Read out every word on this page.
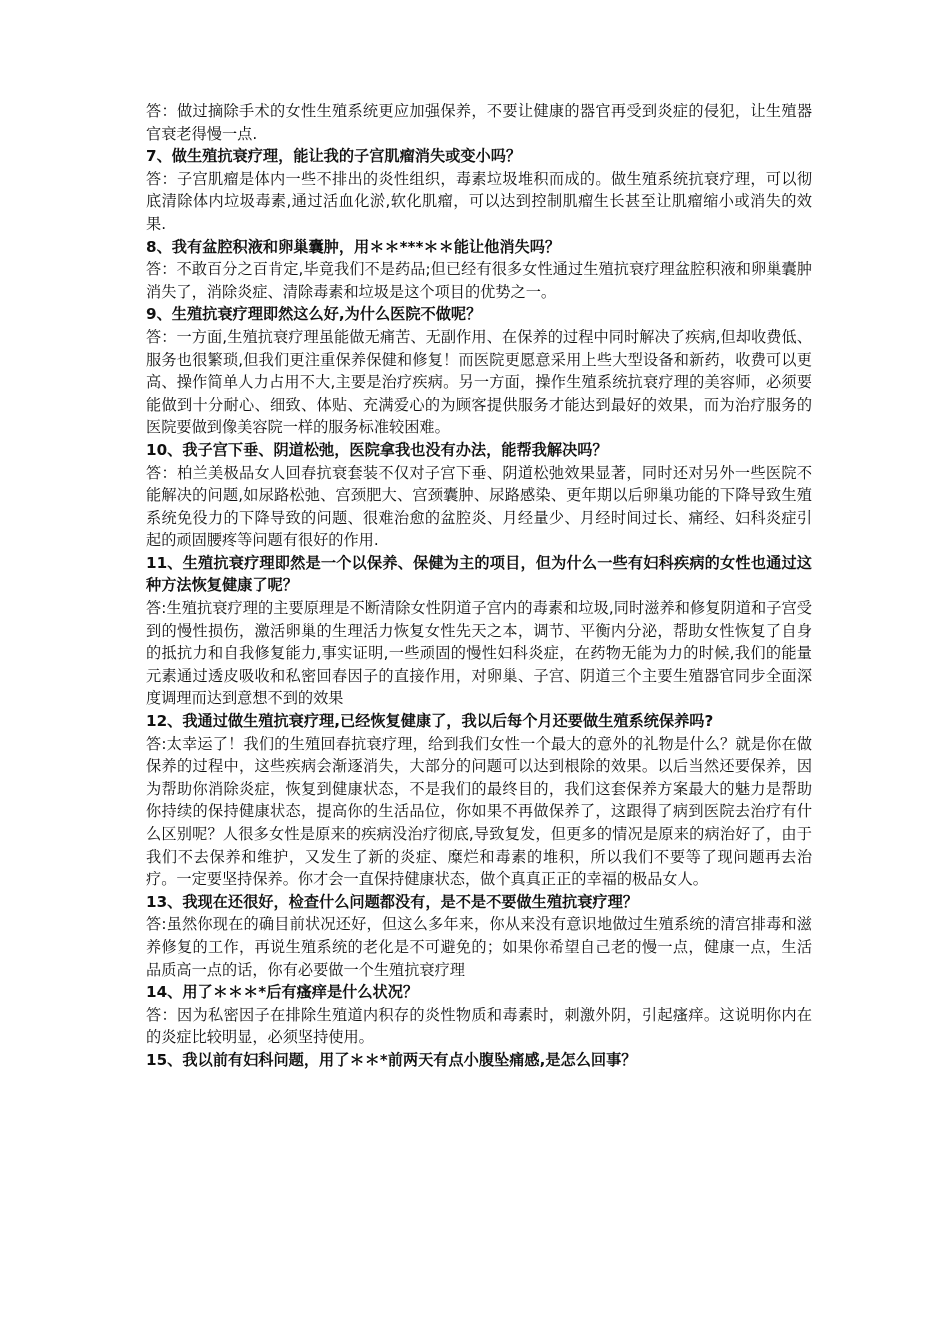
答：做过摘除手术的女性生殖系统更应加强保养，不要让健康的器官再受到炎症的侵犯，让生殖器官衰老得慢一点.

7、做生殖抗衰疗理，能让我的子宫肌瘤消失或变小吗？

答：子宫肌瘤是体内一些不排出的炎性组织，毒素垃圾堆积而成的。做生殖系统抗衰疗理，可以彻底清除体内垃圾毒素,通过活血化淤,软化肌瘤，可以达到控制肌瘤生长甚至让肌瘤缩小或消失的效果.

8、我有盆腔积液和卵巢囊肿，用＊＊***＊＊能让他消失吗？

答：不敢百分之百肯定,毕竟我们不是药品;但已经有很多女性通过生殖抗衰疗理盆腔积液和卵巢囊肿消失了，消除炎症、清除毒素和垃圾是这个项目的优势之一。

9、生殖抗衰疗理即然这么好,为什么医院不做呢？

答：一方面,生殖抗衰疗理虽能做无痛苦、无副作用、在保养的过程中同时解决了疾病,但却收费低、服务也很繁琐,但我们更注重保养保健和修复！而医院更愿意采用上些大型设备和新药，收费可以更高、操作简单人力占用不大,主要是治疗疾病。另一方面，操作生殖系统抗衰疗理的美容师，必须要能做到十分耐心、细致、体贴、充满爱心的为顾客提供服务才能达到最好的效果，而为治疗服务的医院要做到像美容院一样的服务标准较困难。

10、我子宫下垂、阴道松弛，医院拿我也没有办法，能帮我解决吗？

答：柏兰美极品女人回春抗衰套装不仅对子宫下垂、阴道松弛效果显著，同时还对另外一些医院不能解决的问题,如尿路松弛、宫颈肥大、宫颈囊肿、尿路感染、更年期以后卵巢功能的下降导致生殖系统免役力的下降导致的问题、很难治愈的盆腔炎、月经量少、月经时间过长、痛经、妇科炎症引起的顽固腰疼等问题有很好的作用.

11、生殖抗衰疗理即然是一个以保养、保健为主的项目，但为什么一些有妇科疾病的女性也通过这种方法恢复健康了呢？

答:生殖抗衰疗理的主要原理是不断清除女性阴道子宫内的毒素和垃圾,同时滋养和修复阴道和子宫受到的慢性损伤，激活卵巢的生理活力恢复女性先天之本，调节、平衡内分泌，帮助女性恢复了自身的抵抗力和自我修复能力,事实证明,一些顽固的慢性妇科炎症，在药物无能为力的时候,我们的能量元素通过透皮吸收和私密回春因子的直接作用，对卵巢、子宫、阴道三个主要生殖器官同步全面深度调理而达到意想不到的效果

12、我通过做生殖抗衰疗理,已经恢复健康了，我以后每个月还要做生殖系统保养吗?

答:太幸运了！我们的生殖回春抗衰疗理，给到我们女性一个最大的意外的礼物是什么？就是你在做保养的过程中，这些疾病会渐逐消失，大部分的问题可以达到根除的效果。以后当然还要保养，因为帮助你消除炎症，恢复到健康状态，不是我们的最终目的，我们这套保养方案最大的魅力是帮助你持续的保持健康状态，提高你的生活品位，你如果不再做保养了，这跟得了病到医院去治疗有什么区别呢？人很多女性是原来的疾病没治疗彻底,导致复发，但更多的情况是原来的病治好了，由于我们不去保养和维护，又发生了新的炎症、糜烂和毒素的堆积，所以我们不要等了现问题再去治疗。一定要坚持保养。你才会一直保持健康状态，做个真真正正的幸福的极品女人。

13、我现在还很好，检查什么问题都没有，是不是不要做生殖抗衰疗理？

答:虽然你现在的确目前状况还好，但这么多年来，你从来没有意识地做过生殖系统的清宫排毒和滋养修复的工作，再说生殖系统的老化是不可避免的；如果你希望自己老的慢一点，健康一点，生活品质高一点的话，你有必要做一个生殖抗衰疗理

14、用了＊＊＊*后有瘙痒是什么状况？

答：因为私密因子在排除生殖道内积存的炎性物质和毒素时，刺激外阴，引起瘙痒。这说明你内在的炎症比较明显，必须坚持使用。

15、我以前有妇科问题，用了＊＊*前两天有点小腹坠痛感,是怎么回事？
